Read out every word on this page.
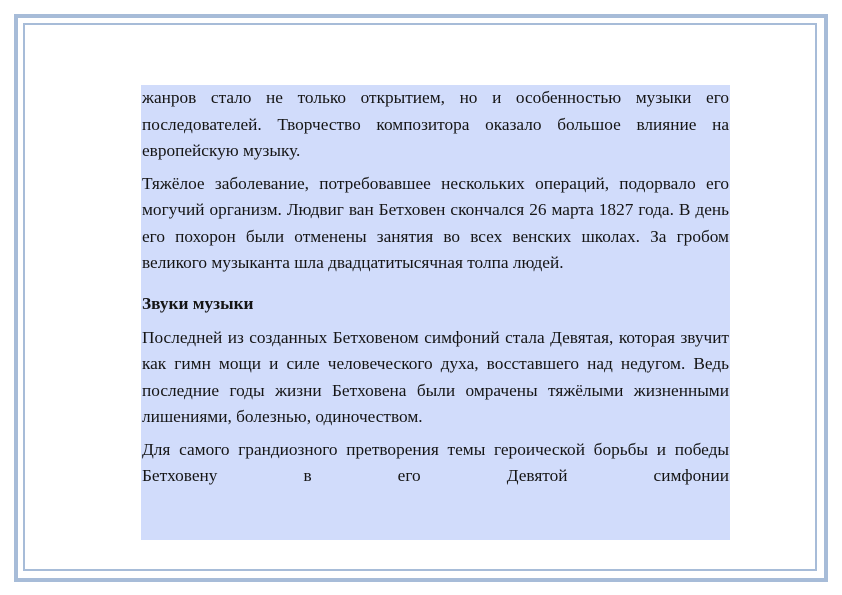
жанров стало не только открытием, но и особенностью музыки его последователей. Творчество композитора оказало большое влияние на европейскую музыку.

Тяжёлое заболевание, потребовавшее нескольких операций, подорвало его могучий организм. Людвиг ван Бетховен скончался 26 марта 1827 года. В день его похорон были отменены занятия во всех венских школах. За гробом великого музыканта шла двадцатитысячная толпа людей.

Звуки музыки

Последней из созданных Бетховеном симфоний стала Девятая, которая звучит как гимн мощи и силе человеческого духа, восставшего над недугом. Ведь последние годы жизни Бетховена были омрачены тяжёлыми жизненными лишениями, болезнью, одиночеством.

Для самого грандиозного претворения темы героической борьбы и победы Бетховену в его Девятой симфонии
